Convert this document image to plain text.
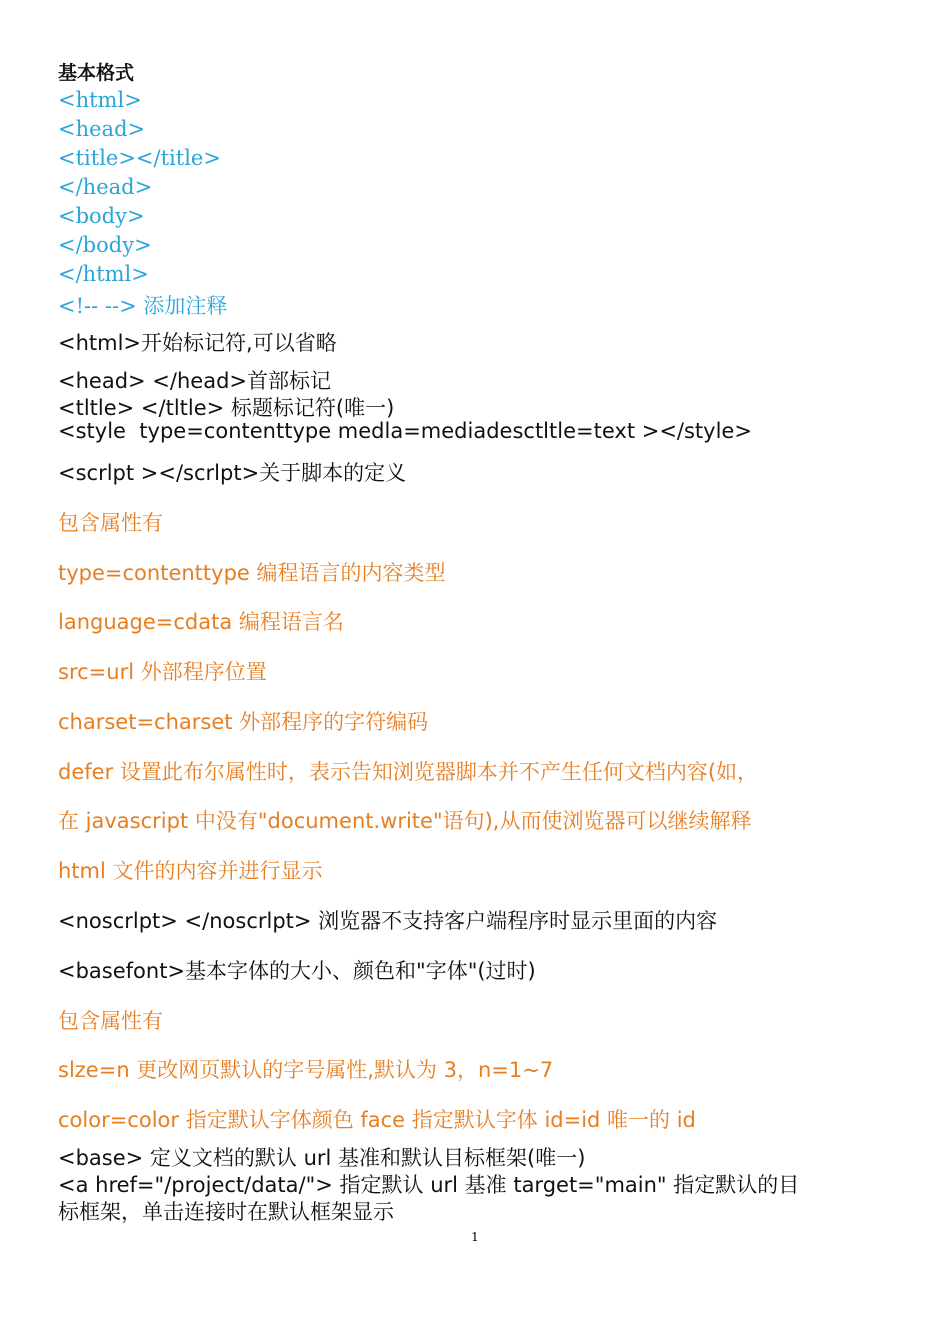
基本格式

<html>

<head>

<title></title>

</head>

<body>

</body>

</html>

<!-- --> 添加注释

<html>开始标记符,可以省略

<head> </head>首部标记

<tltle> </tltle> 标题标记符(唯一)

<style  type=contenttype medla=mediadesctltle=text ></style>

<scrlpt ></scrlpt>关于脚本的定义

包含属性有

type=contenttype 编程语言的内容类型

language=cdata 编程语言名

src=url 外部程序位置

charset=charset 外部程序的字符编码

defer 设置此布尔属性时，表示告知浏览器脚本并不产生任何文档内容(如，

在 javascript 中没有"document.write"语句),从而使浏览器可以继续解释

html 文件的内容并进行显示

<noscrlpt> </noscrlpt> 浏览器不支持客户端程序时显示里面的内容

<basefont>基本字体的大小、颜色和"字体"(过时)

包含属性有

slze=n 更改网页默认的字号属性,默认为 3，n=1~7

color=color 指定默认字体颜色 face 指定默认字体 id=id 唯一的 id

<base> 定义文档的默认 url 基准和默认目标框架(唯一)

<a href="/project/data/"> 指定默认 url 基准 target="main" 指定默认的目

标框架，单击连接时在默认框架显示

1
